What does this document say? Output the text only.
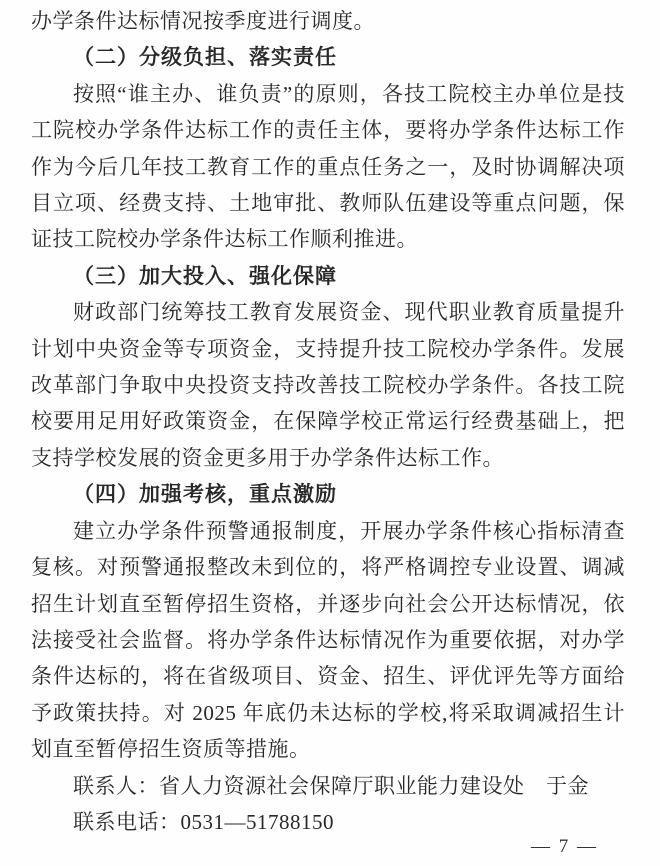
办学条件达标情况按季度进行调度。

（二）分级负担、落实责任

按照“谁主办、谁负责”的原则，各技工院校主办单位是技工院校办学条件达标工作的责任主体，要将办学条件达标工作作为今后几年技工教育工作的重点任务之一，及时协调解决项目立项、经费支持、土地审批、教师队伍建设等重点问题，保证技工院校办学条件达标工作顺利推进。

（三）加大投入、强化保障

财政部门统筹技工教育发展资金、现代职业教育质量提升计划中央资金等专项资金，支持提升技工院校办学条件。发展改革部门争取中央投资支持改善技工院校办学条件。各技工院校要用足用好政策资金，在保障学校正常运行经费基础上，把支持学校发展的资金更多用于办学条件达标工作。

（四）加强考核，重点激励

建立办学条件预警通报制度，开展办学条件核心指标清查复核。对预警通报整改未到位的，将严格调控专业设置、调减招生计划直至暂停招生资格，并逐步向社会公开达标情况，依法接受社会监督。将办学条件达标情况作为重要依据，对办学条件达标的，将在省级项目、资金、招生、评优评先等方面给予政策扶持。对 2025 年底仍未达标的学校,将采取调减招生计划直至暂停招生资质等措施。

联系人：省人力资源社会保障厅职业能力建设处　于金

联系电话：0531—51788150

— 7 —
